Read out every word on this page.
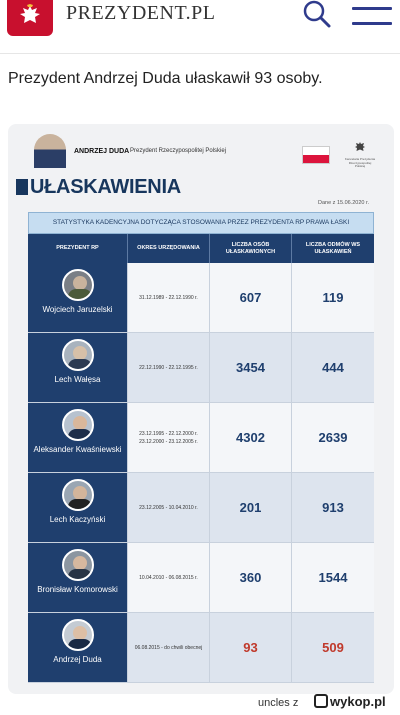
PREZYDENT.PL
Prezydent Andrzej Duda ułaskawił 93 osoby.
ANDRZEJ DUDA Prezydent Rzeczypospolitej Polskiej
Kancelaria Prezydenta Rzeczypospolitej Polskiej
UŁASKAWIENIA
Dane z 15.06.2020 r.
STATYSTYKA KADENCYJNA DOTYCZĄCA STOSOWANIA PRZEZ PREZYDENTA RP PRAWA ŁASKI
PREZYDENT RP	OKRES URZĘDOWANIA
LICZBA OSÓB UŁASKAWIONYCH
LICZBA ODMÓW WS UŁASKAWIEŃ
Wojciech Jaruzelski
31.12.1989 - 22.12.1990 r.	607	119
Lech Wałęsa
22.12.1990 - 22.12.1995 r.	3454	444
Aleksander Kwaśniewski
23.12.1995 - 22.12.2000 r. 23.12.2000 - 23.12.2005 r.	4302	2639
Lech Kaczyński
23.12.2005 - 10.04.2010 r.	201	913
Bronisław Komorowski
10.04.2010 - 06.08.2015 r.	360	1544
Andrzej Duda
06.08.2015 - do chwili obecnej	93	509
uncles z	wykop.pl
